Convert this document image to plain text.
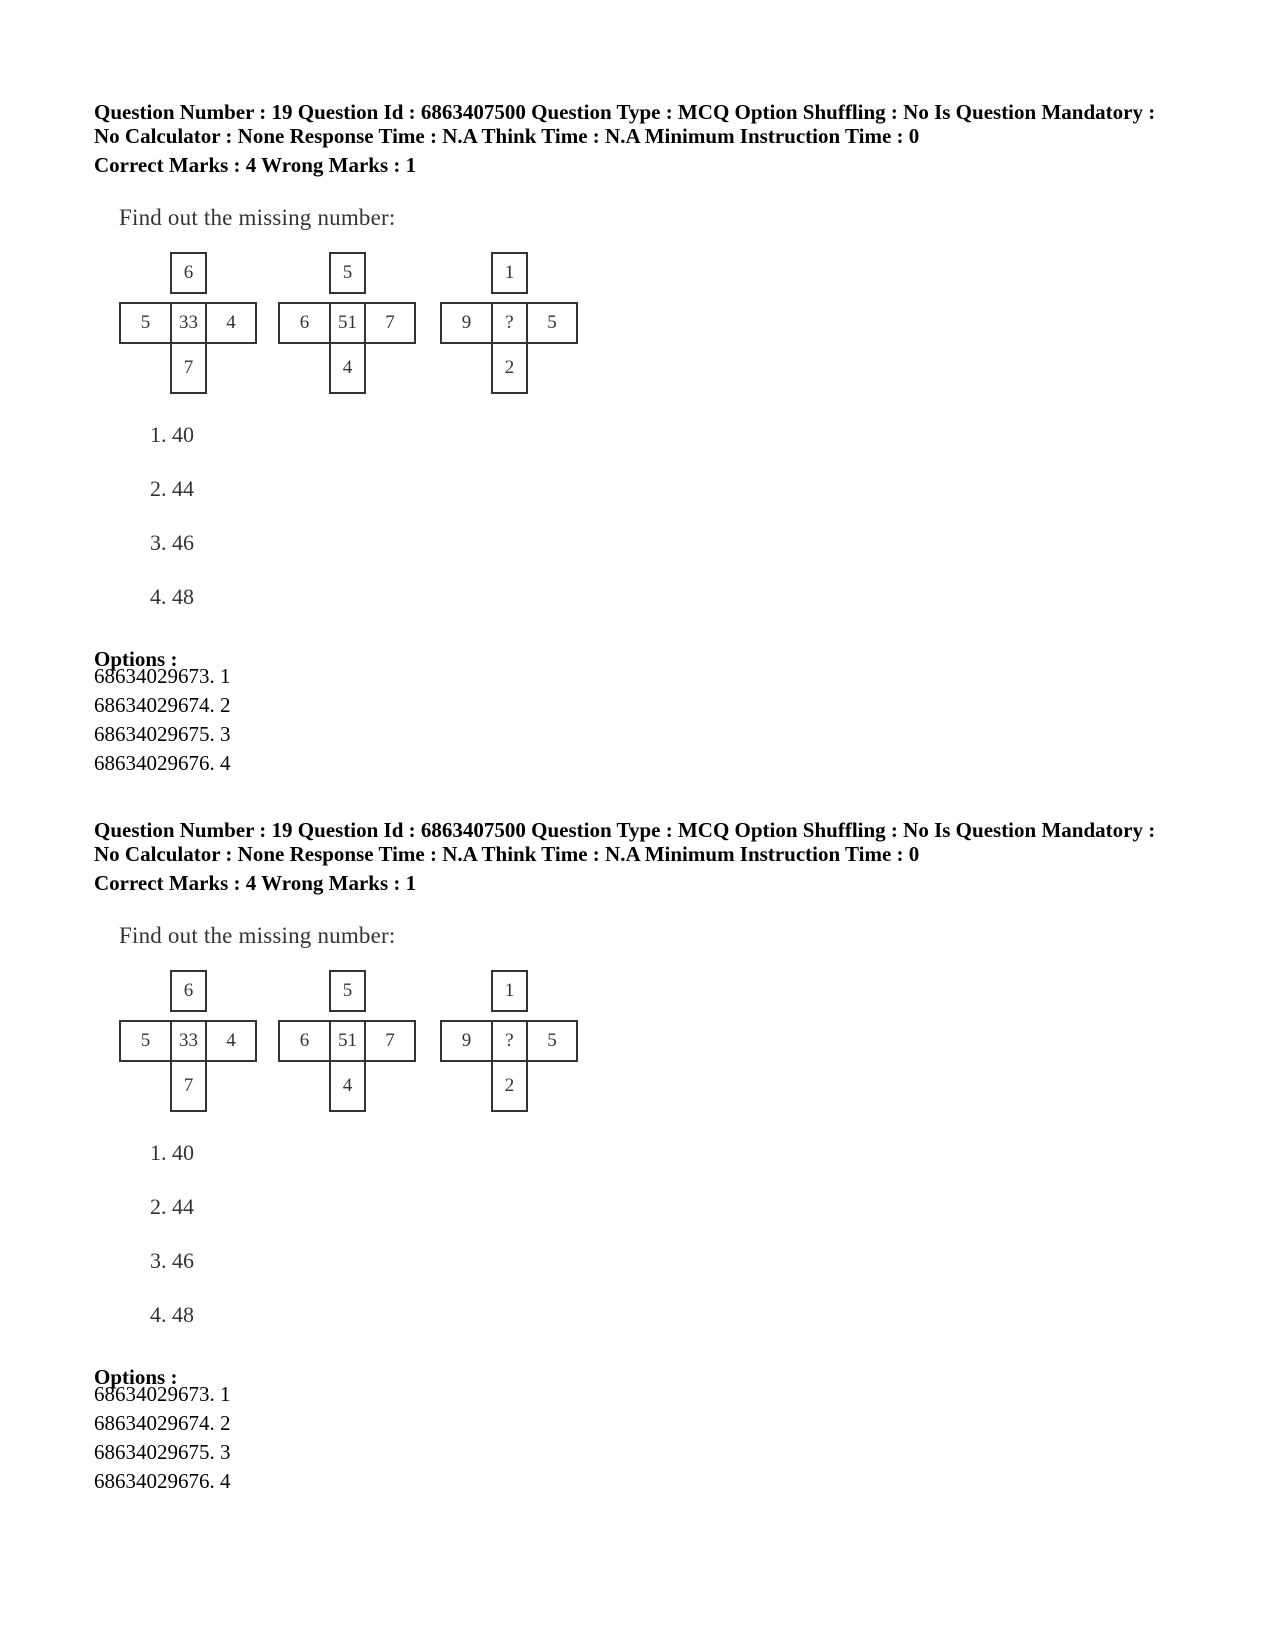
Question Number : 19 Question Id : 6863407500 Question Type : MCQ Option Shuffling : No Is Question Mandatory :
No Calculator : None Response Time : N.A Think Time : N.A Minimum Instruction Time : 0
Correct Marks : 4 Wrong Marks : 1
Find out the missing number:
6
5	33	4
7
5
6	51	7
4
1
9	?	5
2
1. 40
2. 44
3. 46
4. 48
Options :
68634029673. 1
68634029674. 2
68634029675. 3
68634029676. 4
Question Number : 19 Question Id : 6863407500 Question Type : MCQ Option Shuffling : No Is Question Mandatory :
No Calculator : None Response Time : N.A Think Time : N.A Minimum Instruction Time : 0
Correct Marks : 4 Wrong Marks : 1
Find out the missing number:
6
5	33	4
7
5
6	51	7
4
1
9	?	5
2
1. 40
2. 44
3. 46
4. 48
Options :
68634029673. 1
68634029674. 2
68634029675. 3
68634029676. 4
